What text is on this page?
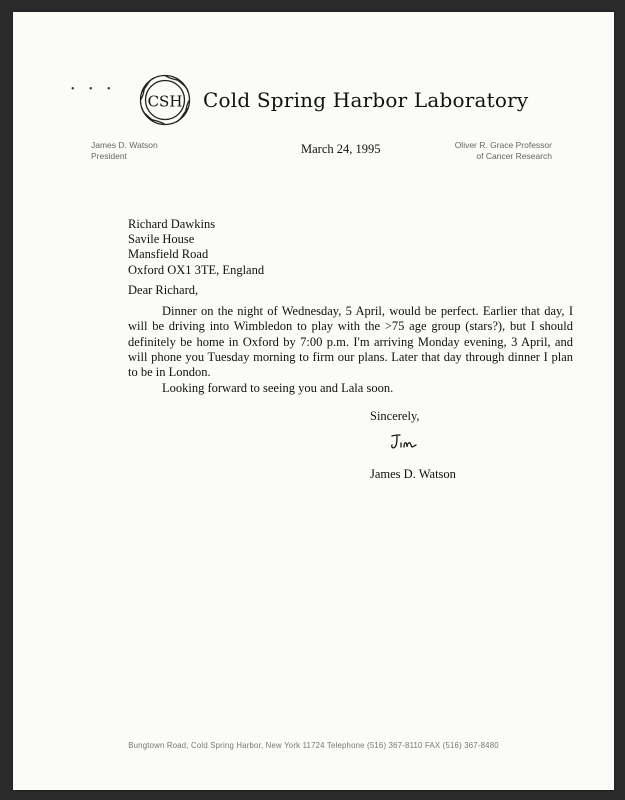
• • •
CSH Cold Spring Harbor Laboratory
James D. Watson
President	March 24, 1995	Oliver R. Grace Professor
of Cancer Research
Richard Dawkins
Savile House
Mansfield Road
Oxford OX1 3TE, England
Dear Richard,

Dinner on the night of Wednesday, 5 April, would be perfect. Earlier that day, I will be driving into Wimbledon to play with the >75 age group (stars?), but I should definitely be home in Oxford by 7:00 p.m. I'm arriving Monday evening, 3 April, and will phone you Tuesday morning to firm our plans. Later that day through dinner I plan to be in London.

Looking forward to seeing you and Lala soon.
Sincerely,
James D. Watson
Bungtown Road, Cold Spring Harbor, New York 11724 Telephone (516) 367-8110 FAX (516) 367-8480
